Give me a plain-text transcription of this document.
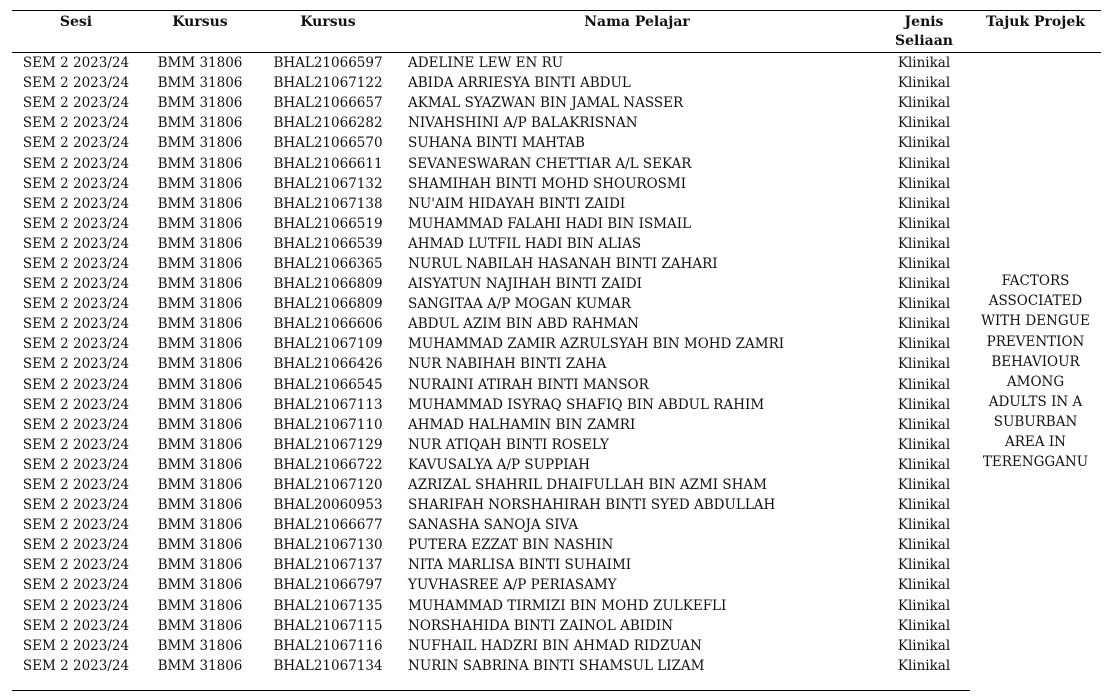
Sesi	Kursus	Kursus	Nama Pelajar	Jenis Seliaan	Tajuk Projek
SEM 2 2023/24	BMM 31806	BHAL21066597	ADELINE LEW EN RU	Klinikal	FACTORS ASSOCIATED WITH DENGUE PREVENTION BEHAVIOUR AMONG ADULTS IN A SUBURBAN AREA IN TERENGGANU
SEM 2 2023/24	BMM 31806	BHAL21067122	ABIDA ARRIESYA BINTI ABDUL	Klinikal	
SEM 2 2023/24	BMM 31806	BHAL21066657	AKMAL SYAZWAN BIN JAMAL NASSER	Klinikal	
SEM 2 2023/24	BMM 31806	BHAL21066282	NIVAHSHINI A/P BALAKRISNAN	Klinikal	
SEM 2 2023/24	BMM 31806	BHAL21066570	SUHANA BINTI MAHTAB	Klinikal	
SEM 2 2023/24	BMM 31806	BHAL21066611	SEVANESWARAN CHETTIAR A/L SEKAR	Klinikal	
SEM 2 2023/24	BMM 31806	BHAL21067132	SHAMIHAH BINTI MOHD SHOUROSMI	Klinikal	
SEM 2 2023/24	BMM 31806	BHAL21067138	NU'AIM HIDAYAH BINTI ZAIDI	Klinikal	
SEM 2 2023/24	BMM 31806	BHAL21066519	MUHAMMAD FALAHI HADI BIN ISMAIL	Klinikal	
SEM 2 2023/24	BMM 31806	BHAL21066539	AHMAD LUTFIL HADI BIN ALIAS	Klinikal	
SEM 2 2023/24	BMM 31806	BHAL21066365	NURUL NABILAH HASANAH BINTI ZAHARI	Klinikal	
SEM 2 2023/24	BMM 31806	BHAL21066809	AISYATUN NAJIHAH BINTI ZAIDI	Klinikal	
SEM 2 2023/24	BMM 31806	BHAL21066809	SANGITAA A/P MOGAN KUMAR	Klinikal	
SEM 2 2023/24	BMM 31806	BHAL21066606	ABDUL AZIM BIN ABD RAHMAN	Klinikal	
SEM 2 2023/24	BMM 31806	BHAL21067109	MUHAMMAD ZAMIR AZRULSYAH BIN MOHD ZAMRI	Klinikal	
SEM 2 2023/24	BMM 31806	BHAL21066426	NUR NABIHAH BINTI ZAHA	Klinikal	
SEM 2 2023/24	BMM 31806	BHAL21066545	NURAINI ATIRAH BINTI MANSOR	Klinikal	
SEM 2 2023/24	BMM 31806	BHAL21067113	MUHAMMAD ISYRAQ SHAFIQ BIN ABDUL RAHIM	Klinikal	
SEM 2 2023/24	BMM 31806	BHAL21067110	AHMAD HALHAMIN BIN ZAMRI	Klinikal	
SEM 2 2023/24	BMM 31806	BHAL21067129	NUR ATIQAH BINTI ROSELY	Klinikal	
SEM 2 2023/24	BMM 31806	BHAL21066722	KAVUSALYA A/P SUPPIAH	Klinikal	
SEM 2 2023/24	BMM 31806	BHAL21067120	AZRIZAL SHAHRIL DHAIFULLAH BIN AZMI SHAM	Klinikal	
SEM 2 2023/24	BMM 31806	BHAL20060953	SHARIFAH NORSHAHIRAH BINTI SYED ABDULLAH	Klinikal	
SEM 2 2023/24	BMM 31806	BHAL21066677	SANASHA SANOJA SIVA	Klinikal	
SEM 2 2023/24	BMM 31806	BHAL21067130	PUTERA EZZAT BIN NASHIN	Klinikal	
SEM 2 2023/24	BMM 31806	BHAL21067137	NITA MARLISA BINTI SUHAIMI	Klinikal	
SEM 2 2023/24	BMM 31806	BHAL21066797	YUVHASREE A/P PERIASAMY	Klinikal	
SEM 2 2023/24	BMM 31806	BHAL21067135	MUHAMMAD TIRMIZI BIN MOHD ZULKEFLI	Klinikal	
SEM 2 2023/24	BMM 31806	BHAL21067115	NORSHAHIDA BINTI ZAINOL ABIDIN	Klinikal	
SEM 2 2023/24	BMM 31806	BHAL21067116	NUFHAIL HADZRI BIN AHMAD RIDZUAN	Klinikal	
SEM 2 2023/24	BMM 31806	BHAL21067134	NURIN SABRINA BINTI SHAMSUL LIZAM	Klinikal	
